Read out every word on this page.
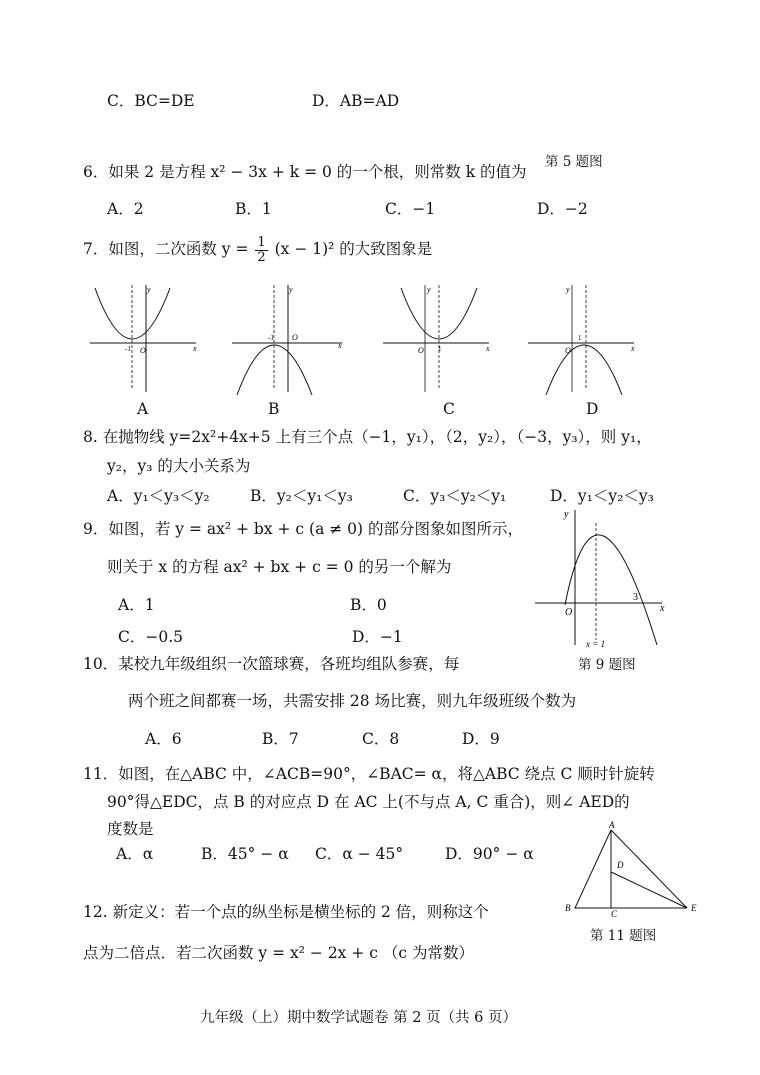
C．BC=DE	D．AB=AD
第 5 题图
6．如果 2 是方程 x² − 3x + k = 0 的一个根，则常数 k 的值为
A．2	B．1	C．−1	D．−2
7．如图，二次函数 $y = \frac{1}{2} (x - 1)^2$ 的大致图象是
y
x
O
-1
A
y
x
O
-1
B
y
x
O 1
C
y
x
O
1
D
8. 在抛物线 y=2x²+4x+5 上有三个点（−1，y₁），（2，y₂），（−3，y₃），则 y₁，
y₂，y₃ 的大小关系为
A．y₁＜y₃＜y₂	B．y₂＜y₁＜y₃	C．y₃＜y₂＜y₁	D．y₁＜y₂＜y₃
9．如图，若 y = ax² + bx + c (a ≠ 0) 的部分图象如图所示，
则关于 x 的方程 ax² + bx + c = 0 的另一个解为
A．1	B．0
C．−0.5	D．−1
y
x
O
3
x = 1
第 9 题图
10．某校九年级组织一次篮球赛，各班均组队参赛，每
两个班之间都赛一场，共需安排 28 场比赛，则九年级班级个数为
A．6	B．7	C．8	D．9
11．如图，在△ABC 中，∠ACB=90°，∠BAC= α，将△ABC 绕点 C 顺时针旋转
90°得△EDC，点 B 的对应点 D 在 AC 上(不与点 A, C 重合)，则∠ AED的
度数是
A．α	B．45° − α C．α − 45°	D．90° − α
A
B
C
D
E
第 11 题图
12. 新定义：若一个点的纵坐标是横坐标的 2 倍，则称这个
点为二倍点．若二次函数 y = x² − 2x + c （c 为常数）
九年级（上）期中数学试题卷 第 2 页（共 6 页）
